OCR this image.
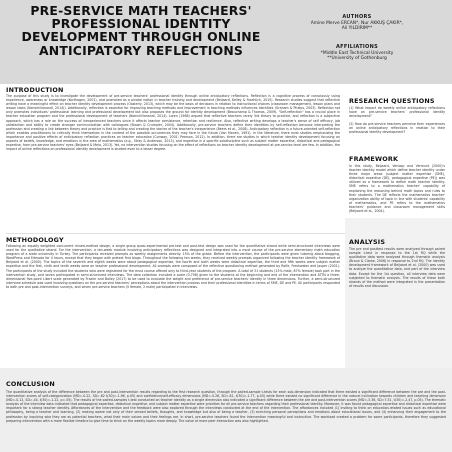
PRE-SERVICE MATH TEACHERS' PROFESSIONAL IDENTITY DEVELOPMENT THROUGH ONLINE ANTICIPATORY REFLECTIONS
AUTHORS
Amine Merve ERCAN*, Nur AKKUŞ ÇAKIR*,
Ali YILDIRIM**
AFFILIATIONS
*Middle East Technical University
**University of Gothenburg
INTRODUCTION
The purpose of this study is to investigate the development of pre-service teachers' professional identity through online anticipatory reflections. Reflection is a cognitive process of consciously using experience, awareness or knowledge (Korthagen, 2001), and promoted as a pivotal notion in teacher training and development (Beijaard, Kelley & Froehlich, 2015). Research studies suggest that reflective writing have a meaningful effect on teacher identity development process (Oosterly, 2013), which may be the basis of decisions in relation to instructional choices (classroom management, lesson plans and lesson tasks (Nomchillanandi, 2014)). Additionally, reflection is essential for improving teaching methods and improvement in teaching methods influences identities (Graham & Phelps, 2003). Reflection not only promotes individuals' professional learning and professional development but also proposes the ground for identity development (Beauchamp & Thomas, 2009). "Self-reflection" has a crucial place in teacher education program and the professional development of teachers (Nomchillanandi, 2014). Loren (1988) argued that reflective teachers rarely link theory to practice, and reflection is a subjective approach, which has a role on the success of inexperienced teachers since it affects teacher persistence, retention and resilience. Also, reflective writing develops a teacher's sense of self efficacy, job satisfaction and ability to create stronger communication with colleagues (Brown & Crumpler, 2004). Additionally, pre-service teachers define their identities by self-reflection because interpreting the profession and creating a link between theory and practice is tied to telling and creating the stories of the teacher's inexperience (Beers et al., 2008). Anticipatory reflection is a future-oriented self-reflection which enables practitioners to critically think themselves in the context of the possible occurrences they may face in the future (Van Manen, 1991). In the literature, there exist studies emphasizing the importance and positive effects of anticipatory reflection practices on teacher education (Conway, 2001; Pearson, 2012). In addition, there are studies in which teacher identity development focusing on aspects of beliefs, knowledge, and emotions in the area of mathematics (e.g., Stray & Anderson, 2013), and expertise in a specific subdiscipline such as subject matter expertise, didactical and pedagogical expertise, from pre-service teachers' eyes (Beijaard & Melo, 2013). Yet, no intervention studies focusing on the effect of reflections on teacher identity development at pre-service level are few. In addition, the impact of online reflections on professional identity development is studied even to a lesser degree.
RESEARCH QUESTIONS
(1) What impact do weekly online anticipatory reflections have on pre-service teachers' professional identity development?
(2) How do pre-service teachers perceive their experiences on online anticipatory reflections in relation to their professional identity development?
FRAMEWORK
In this study, Beijaard, Verloop and Vermunt (2000)'s teacher identity model which define teacher identity under three major areas (subject matter expertise (SME), didactical expertise (DE), pedagogical expertise (PE)) was utilized as a framework to define math teacher identity. SME refers to a mathematics teacher' capability of explaining the reasoning behind math topics and rules to their students. The DE reflects the mathematics teacher' organization ability of topic in line with students' capability of mathematics, and PE refers to the mathematics teachers' guidance and classroom management skills (Beijaard et al., 2004).
METHODOLOGY
Following an equally weighted concurrent mixed-method design, a single group quasi-experimental pre-test and post-test design was used for the quantitative strand while semi-structured interviews were used for the qualitative strand. For the intervention, a ten-week module involving anticipatory reflections was designed and integrated into a must course of the pre-service elementary math education program of a state university in Turkey. The participants received prompts as weekly assignments directly. 15% of the grade. Before the intervention, the participants were given tutoring about blogging, WordPress and Edmodo for 4 hours, except that they began with pretest first blogs. Throughout the following ten weeks, they received weekly prompts organized following the teacher identity framework of Beijaard et al. (2000). The topics of the seventh and eighth weeks were about pedagogical expertise, the fourth and sixth weeks were didactical expertise, the third and fifth weeks were subject matter expertise and the first, ninth and tenth weeks were on teacher professional development. All prompts were composed of the reflective questioning method generated by Rolfe, Freshwater and Jasper (2001). The participants of the study included the students who were registered for the must course offered only to third-year students of the program. A total of 31 students (13% male, 87% female) took part in the intervention study, and seven participated in semi-structured interviews. The data collection included a scale (0.798) given to the students at the beginning and end of the intervention and ATTN a three-dimensional five-point Likert scale generated by Frazier and Bailey (2017) to be used to evaluate the weight and preference of pre-service teachers' identity in three dimensions. Further, a semi-structured interview schedule was used involving questions on the pre-service teachers' perceptions about the intervention process and their professional identities in terms of SME, DE and PE. All participants responded to both pre and post-intervention surveys, and seven pre-service teachers (5 female, 2 male) participated in interviews.
ANALYSIS
The pre and posttest results were analyzed through paired sample t-test in response to the 1st RQ while the qualitative data were analyzed through thematic analysis (Braun & Clarke, 2006) in response to 2nd RQ. The identity development framework of Beijaard et al. (2000) was used to analyze the quantitative data, and part of the interview data. Except for the 1st question, all interview data were subjected to thematic analysis. The results of these both strands of the method were integrated in the presentation of results and discussion.
CONCLUSION
The quantitative analysis of the difference between the pre and post-intervention results regarding to the first research question, through the paired-sample t-tests for each sub-dimension indicated that there existed a significant difference between the pre and the post-intervention scores of self-categorization (MD=-0.22, SD=.62 t(30)=-1.96, p.05) and confidence/self-efficacy dimensions (MD=-0.26, SD=.81, t(30)=-1.77, p.05) while there existed no significant difference in the natural inclination towards children and teaching dimension (MD=-0.12, SD=.44, t(30)=-1.22, p=.05). The results of the paired-samples t-test conducted on teacher identity as a single dimension also indicated a significant difference between the pre and post-intervention scores (MD=-3.36, SD=7.51, t(30)=-2.47, p.05). The thematic analysis of the interview data indicated that pedagogical expertise, didactical expertise, and subject matter expertise were priorities for all pre-service teachers regarding their professional identity. Moreover, it was found pedagogical expertise and didactical expertise were important for a strong teacher identity. Affordances of the intervention and the feedback were also explored through the interviews conducted at the end of the intervention. The affordances included (1) inviting to think on education-related issues such as educational philosophy, being a teacher and learning, (2) making aware not only of their sensed beliefs, thoughts, and knowledge but also of being a teacher, (3) enriching personal perceptions and emotions about educational issues, and (4) enhancing their engagement to the profession by inquiring who they are as potential teachers, what their main values and their feelings are. In short, pre-service teachers found the intervention meaningful and instructive. The workload created a problem for some participants, therefore they suggested preparing intervention with a more flexible timeline to give time to think on the weekly topics more deeply. The value of more peer interaction was also highlighted.
